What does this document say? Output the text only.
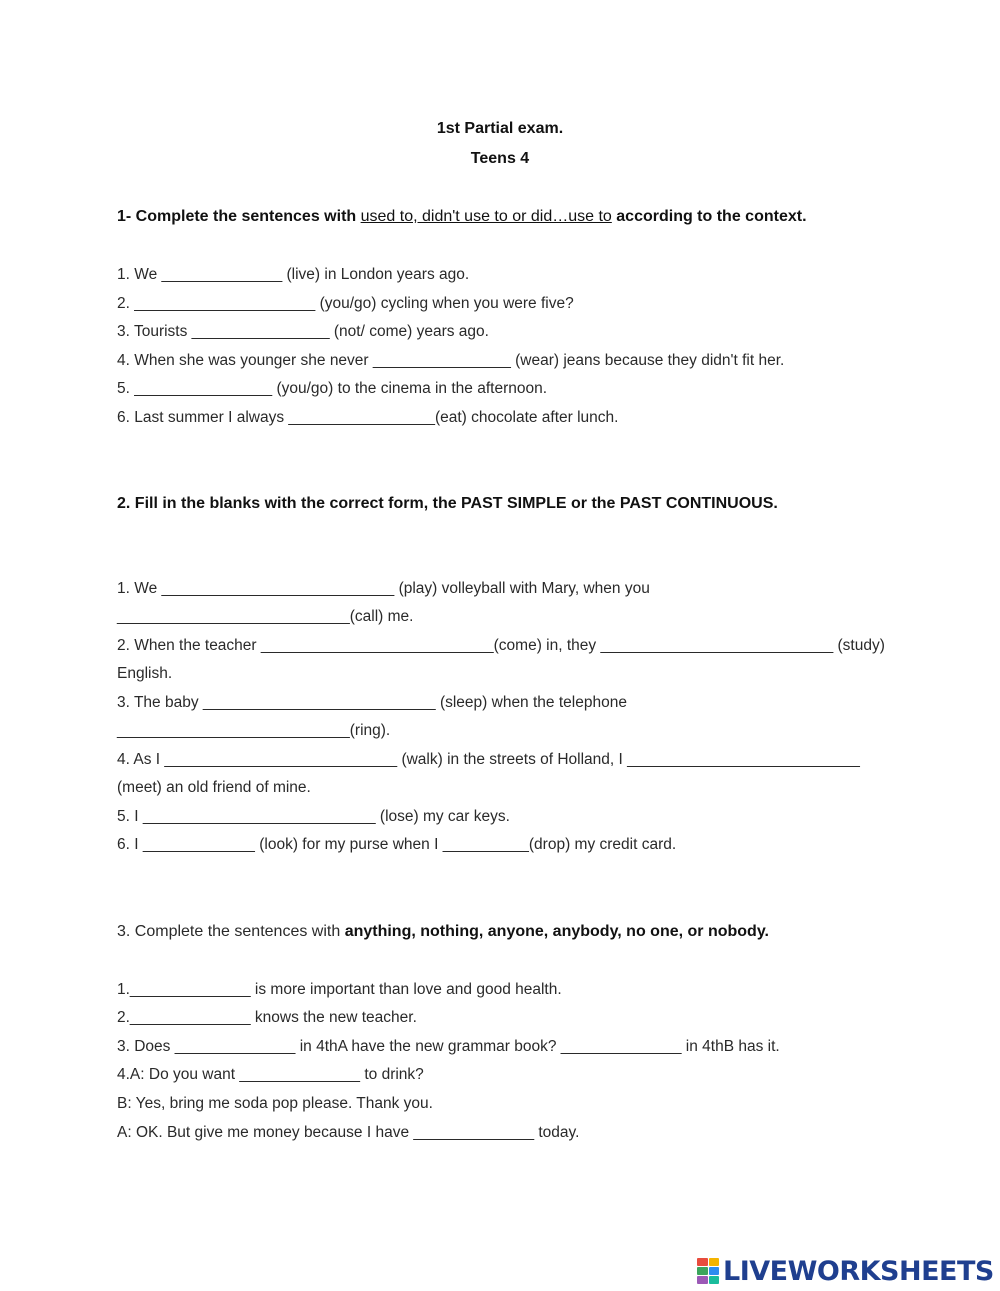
1st Partial exam.
Teens 4
1- Complete the sentences with used to, didn't use to or did…use to according to the context.
1. We ______________ (live) in London years ago.
2. _____________________ (you/go) cycling when you were five?
3. Tourists ________________ (not/ come) years ago.
4. When she was younger she never ________________ (wear) jeans because they didn't fit her.
5. ________________ (you/go) to the cinema in the afternoon.
6. Last summer I always _________________(eat) chocolate after lunch.
2. Fill in the blanks with the correct form, the PAST SIMPLE or the PAST CONTINUOUS.
1. We ___________________________ (play) volleyball with Mary, when you
___________________________(call) me.
2. When the teacher ___________________________(come) in, they ___________________________ (study)
English.
3. The baby ___________________________ (sleep) when the telephone
___________________________(ring).
4. As I ___________________________ (walk) in the streets of Holland, I ___________________________
(meet) an old friend of mine.
5. I ___________________________ (lose) my car keys.
6. I _____________ (look) for my purse when I __________(drop) my credit card.
3. Complete the sentences with anything, nothing, anyone, anybody, no one, or nobody.
1.______________ is more important than love and good health.
2.______________ knows the new teacher.
3. Does ______________ in 4thA have the new grammar book? ______________ in 4thB has it.
4.A: Do you want ______________ to drink?
B: Yes, bring me soda pop please. Thank you.
A: OK. But give me money because I have ______________ today.
LIVEWORKSHEETS
